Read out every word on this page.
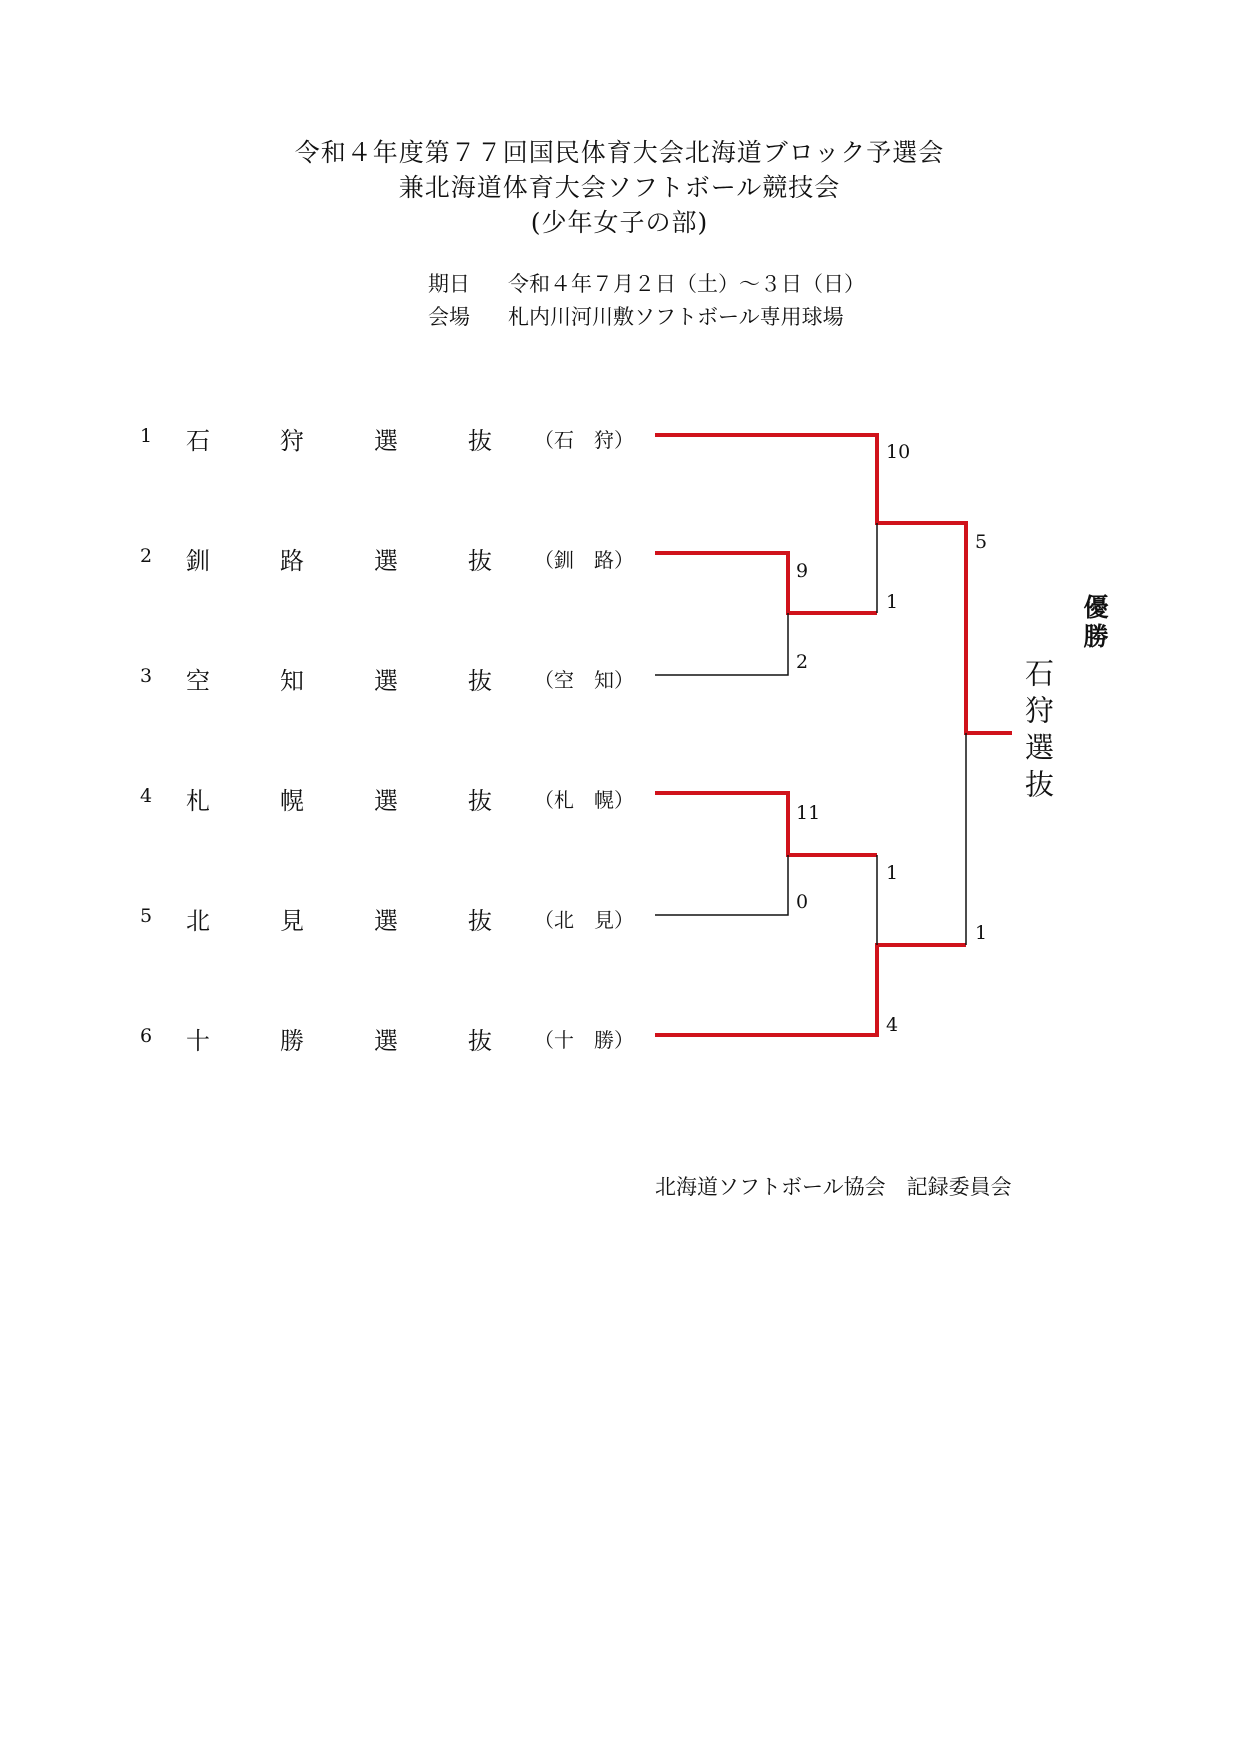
令和４年度第７７回国民体育大会北海道ブロック予選会
兼北海道体育大会ソフトボール競技会
(少年女子の部)
期日 令和４年７月２日（土）～３日（日）
会場 札内川河川敷ソフトボール専用球場
1 石	狩	選	抜 （石　狩）
2 釧	路	選	抜 （釧　路）
3 空	知	選	抜 （空　知）
4 札	幌	選	抜 （札　幌）
5 北	見	選	抜 （北　見）
6 十	勝	選	抜 （十　勝）
9
2
11
0
10
1
1
4
5
1
優勝
石狩選抜
北海道ソフトボール協会　記録委員会
